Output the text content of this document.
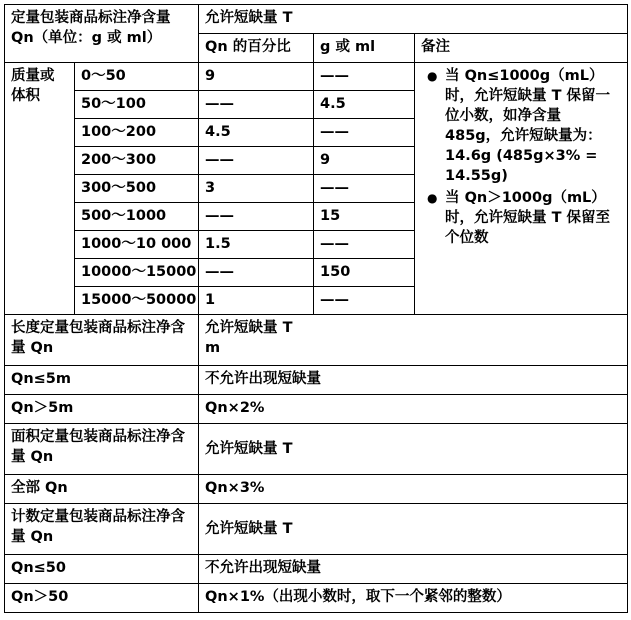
定量包装商品标注净含量 Qn（单位：g 或 ml）		允许短缺量 T		
		Qn 的百分比	g 或 ml	备注
质量或体积	0～50	9	——	● 当 Qn≤1000g（mL）时，允许短缺量 T 保留一位小数，如净含量 485g，允许短缺量为：14.6g (485g×3% = 14.55g)
● 当 Qn＞1000g（mL）时，允许短缺量 T 保留至个位数

	50～100	——	4.5	
	100～200	4.5	——	
	200～300	——	9	
	300～500	3	——	
	500～1000	——	15	
	1000～10 000	1.5	——	
	10000～15000	——	150	
	15000～50000	1	——	
长度定量包装商品标注净含量 Qn		允许短缺量 T
m		

Qn≤5m		不允许出现短缺量		
Qn＞5m		Qn×2%		
面积定量包装商品标注净含量 Qn		允许短缺量 T		
全部 Qn		Qn×3%		
计数定量包装商品标注净含量 Qn		允许短缺量 T		
Qn≤50		不允许出现短缺量		
Qn＞50		Qn×1%（出现小数时，取下一个紧邻的整数）		
